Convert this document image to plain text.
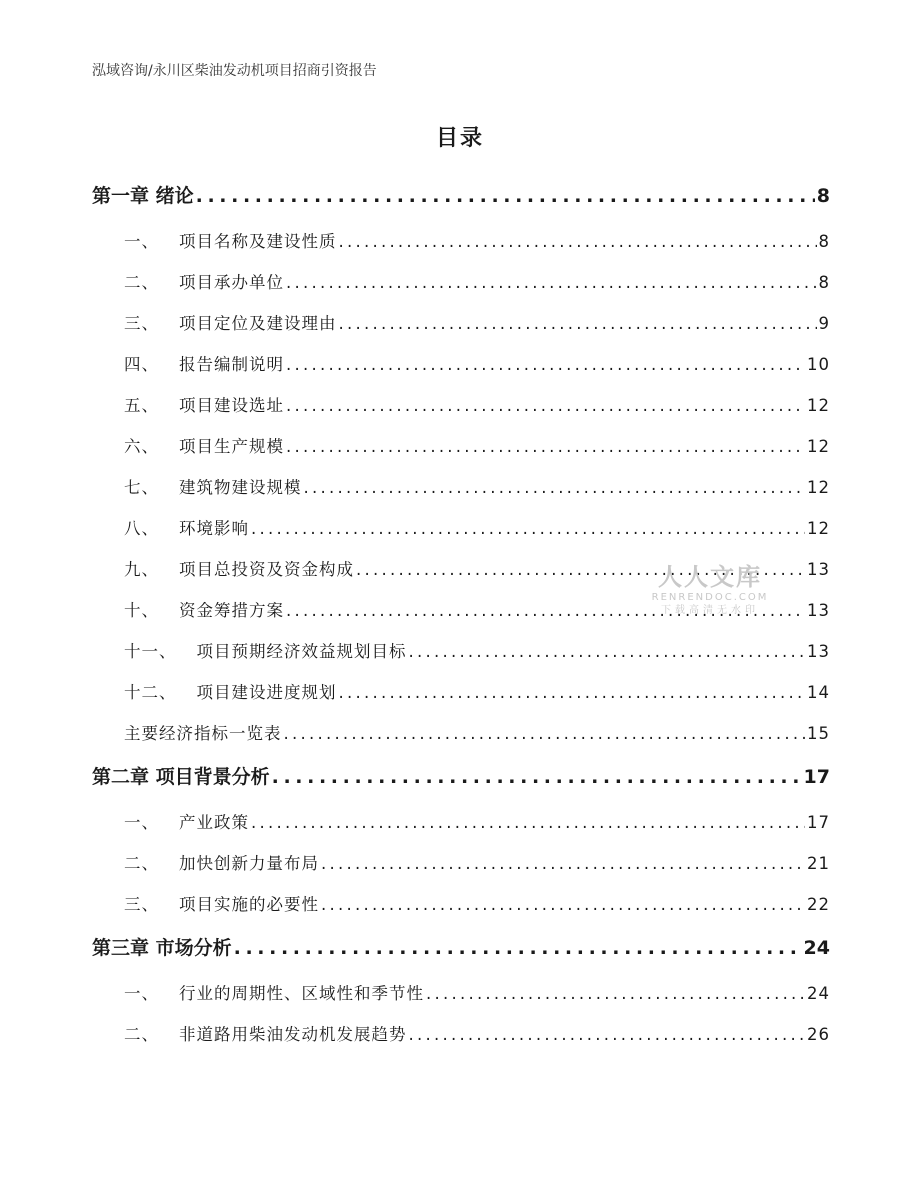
泓域咨询/永川区柴油发动机项目招商引资报告
目录
第一章 绪论 . . .	8
一、 项目名称及建设性质 . . .	8
二、 项目承办单位 . . .	8
三、 项目定位及建设理由 . . .	9
四、 报告编制说明 . . .	10
五、 项目建设选址 . . .	12
六、 项目生产规模 . . .	12
七、 建筑物建设规模 . . .	12
八、 环境影响 . . .	12
九、 项目总投资及资金构成 . . .	13
十、 资金筹措方案 . . .	13
十一、 项目预期经济效益规划目标 . . .	13
十二、 项目建设进度规划 . . .	14
主要经济指标一览表 . . .	15
第二章 项目背景分析 . . .	17
一、 产业政策 . . .	17
二、 加快创新力量布局 . . .	21
三、 项目实施的必要性 . . .	22
第三章 市场分析 . . .	24
一、 行业的周期性、区域性和季节性 . . .	24
二、 非道路用柴油发动机发展趋势 . . .	26
人人文库
RENRENDOC.COM
下载高清无水印
